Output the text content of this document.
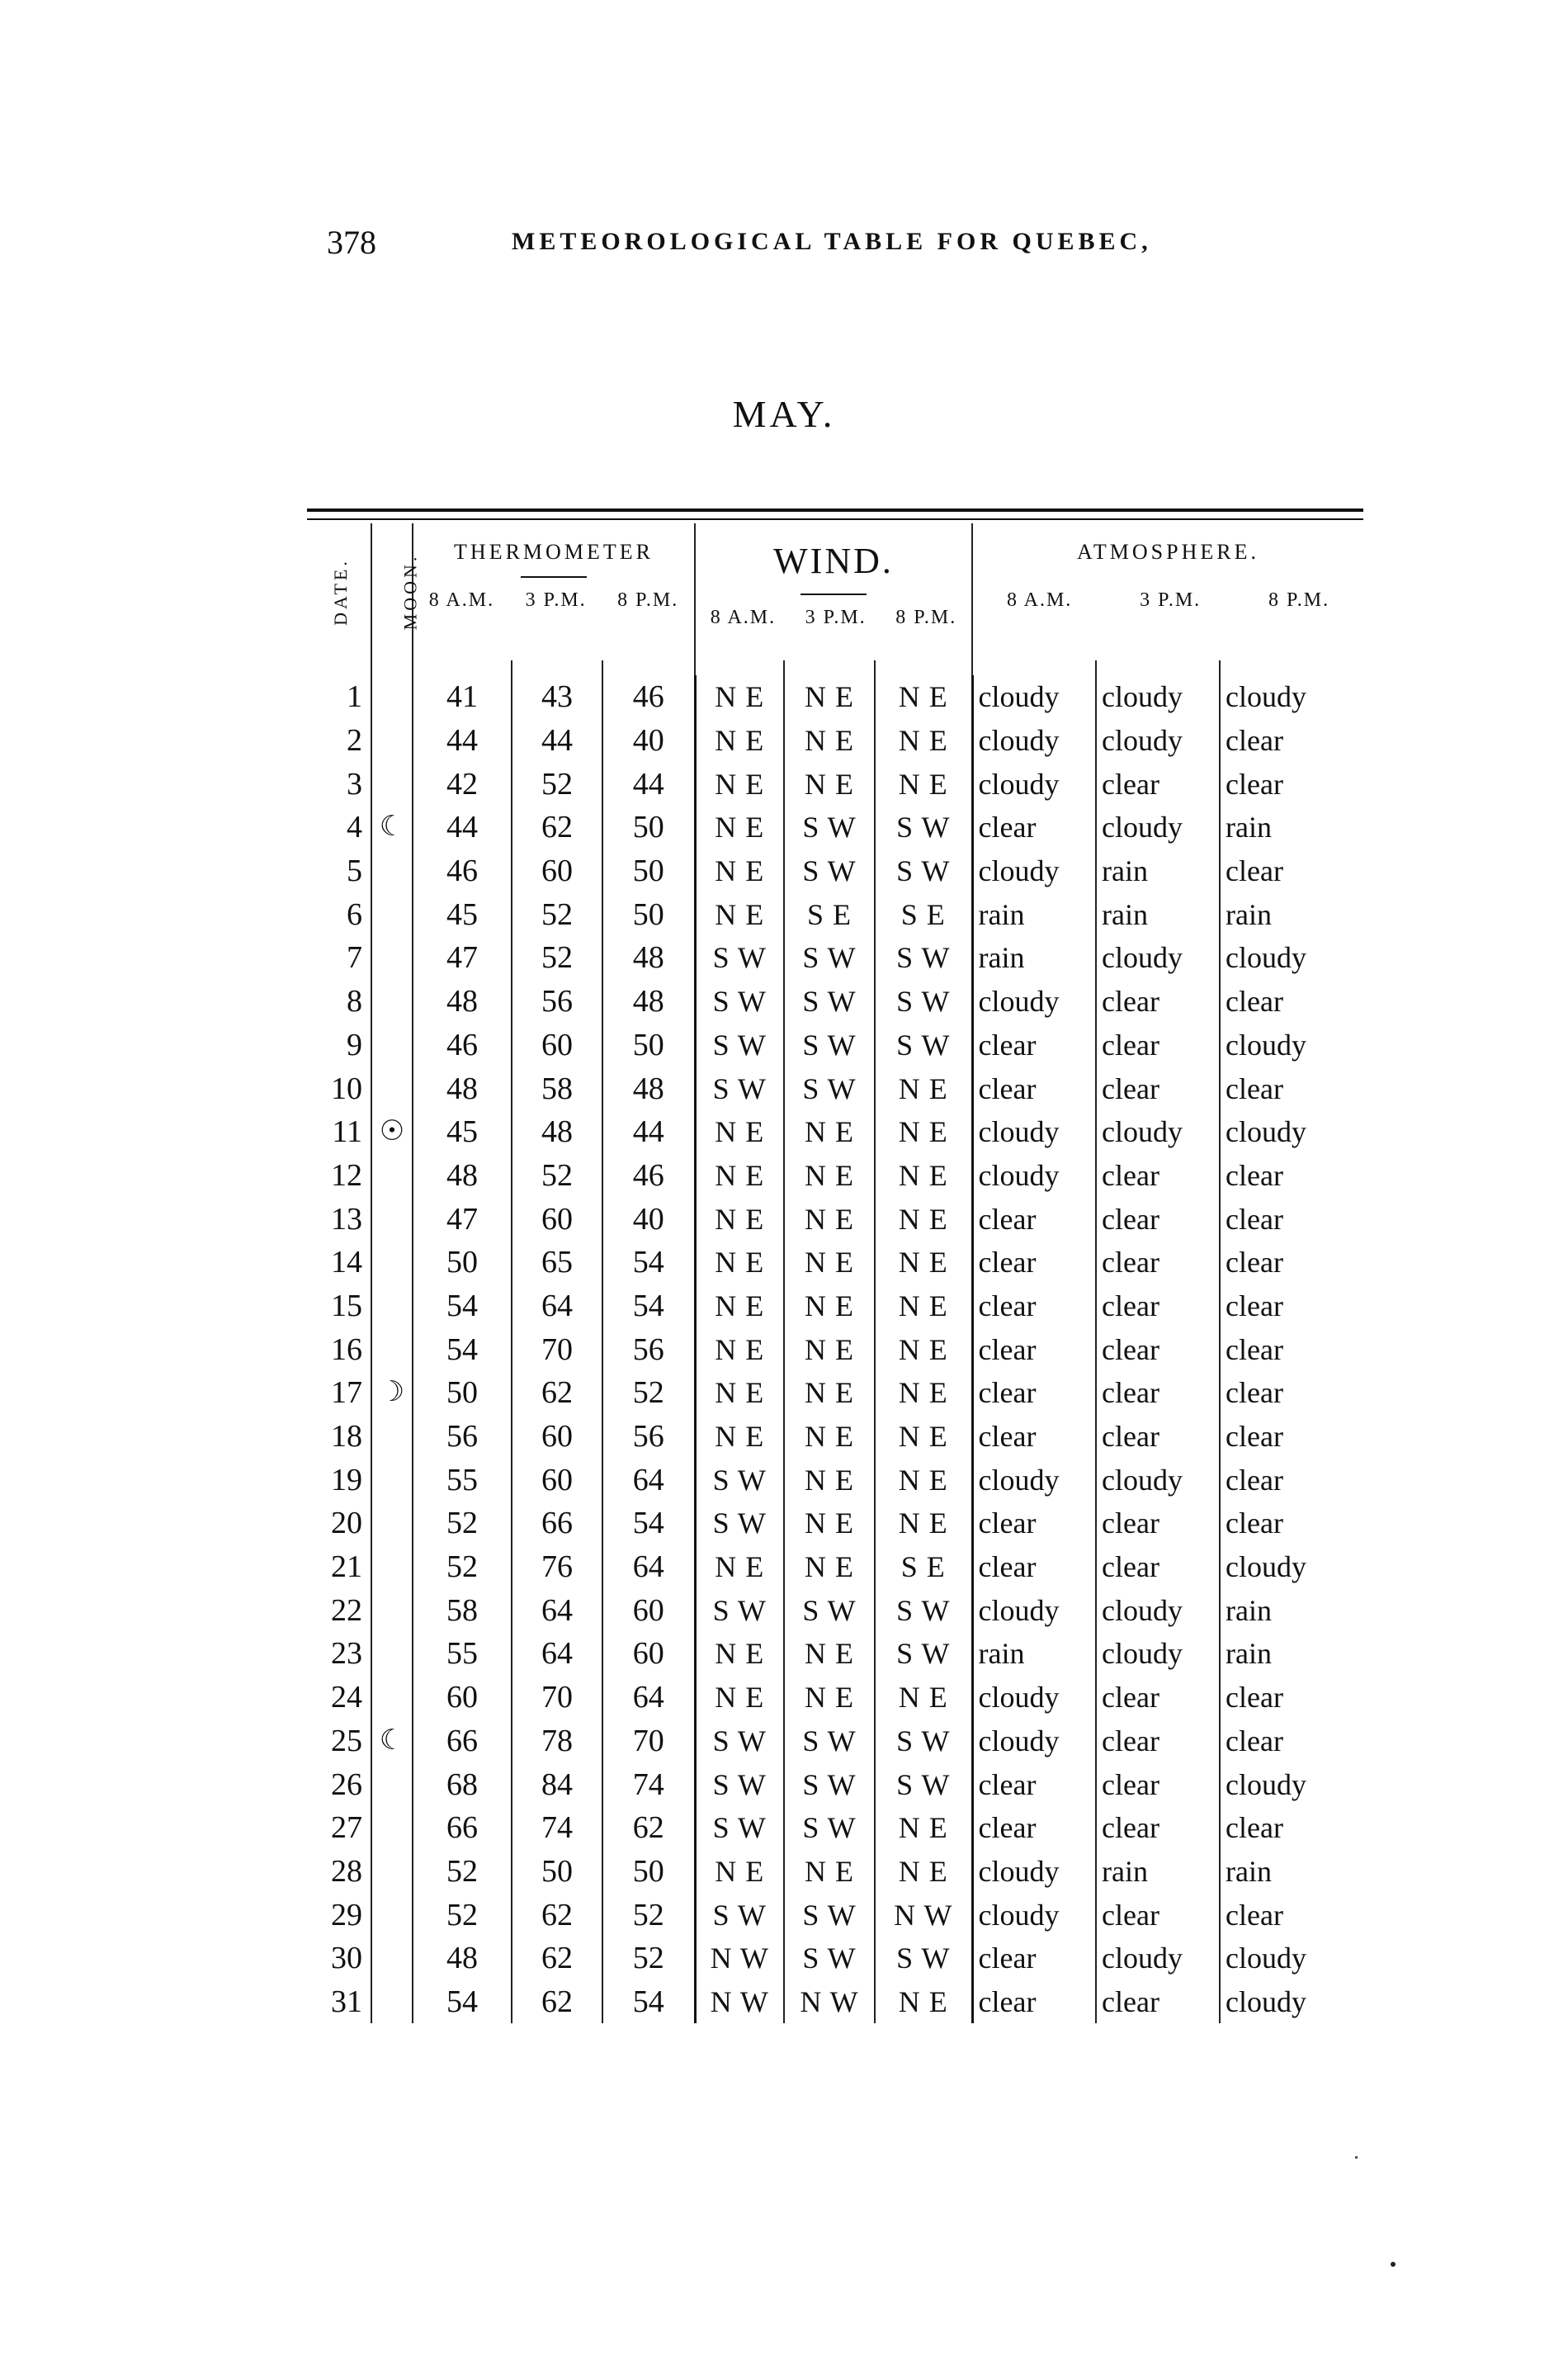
378	METEOROLOGICAL TABLE FOR QUEBEC,
MAY.
DATE.	MOON.	THERMOMETER
8 A.M. 3 P.M. 8 P.M.			WIND.
8 A.M. 3 P.M. 8 P.M.			ATMOSPHERE.
8 A.M. 3 P.M. 8 P.M.		

1		41	43	46	N E	N E	N E	cloudy	cloudy	cloudy
2		44	44	40	N E	N E	N E	cloudy	cloudy	clear
3		42	52	44	N E	N E	N E	cloudy	clear	clear
4	☾	44	62	50	N E	S W	S W	clear	cloudy	rain
5		46	60	50	N E	S W	S W	cloudy	rain	clear
6		45	52	50	N E	S E	S E	rain	rain	rain
7		47	52	48	S W	S W	S W	rain	cloudy	cloudy
8		48	56	48	S W	S W	S W	cloudy	clear	clear
9		46	60	50	S W	S W	S W	clear	clear	cloudy
10		48	58	48	S W	S W	N E	clear	clear	clear
11	☉	45	48	44	N E	N E	N E	cloudy	cloudy	cloudy
12		48	52	46	N E	N E	N E	cloudy	clear	clear
13		47	60	40	N E	N E	N E	clear	clear	clear
14		50	65	54	N E	N E	N E	clear	clear	clear
15		54	64	54	N E	N E	N E	clear	clear	clear
16		54	70	56	N E	N E	N E	clear	clear	clear
17	☽	50	62	52	N E	N E	N E	clear	clear	clear
18		56	60	56	N E	N E	N E	clear	clear	clear
19		55	60	64	S W	N E	N E	cloudy	cloudy	clear
20		52	66	54	S W	N E	N E	clear	clear	clear
21		52	76	64	N E	N E	S E	clear	clear	cloudy
22		58	64	60	S W	S W	S W	cloudy	cloudy	rain
23		55	64	60	N E	N E	S W	rain	cloudy	rain
24		60	70	64	N E	N E	N E	cloudy	clear	clear
25	☾	66	78	70	S W	S W	S W	cloudy	clear	clear
26		68	84	74	S W	S W	S W	clear	clear	cloudy
27		66	74	62	S W	S W	N E	clear	clear	clear
28		52	50	50	N E	N E	N E	cloudy	rain	rain
29		52	62	52	S W	S W	N W	cloudy	clear	clear
30		48	62	52	N W	S W	S W	clear	cloudy	cloudy
31		54	62	54	N W	N W	N E	clear	clear	cloudy
